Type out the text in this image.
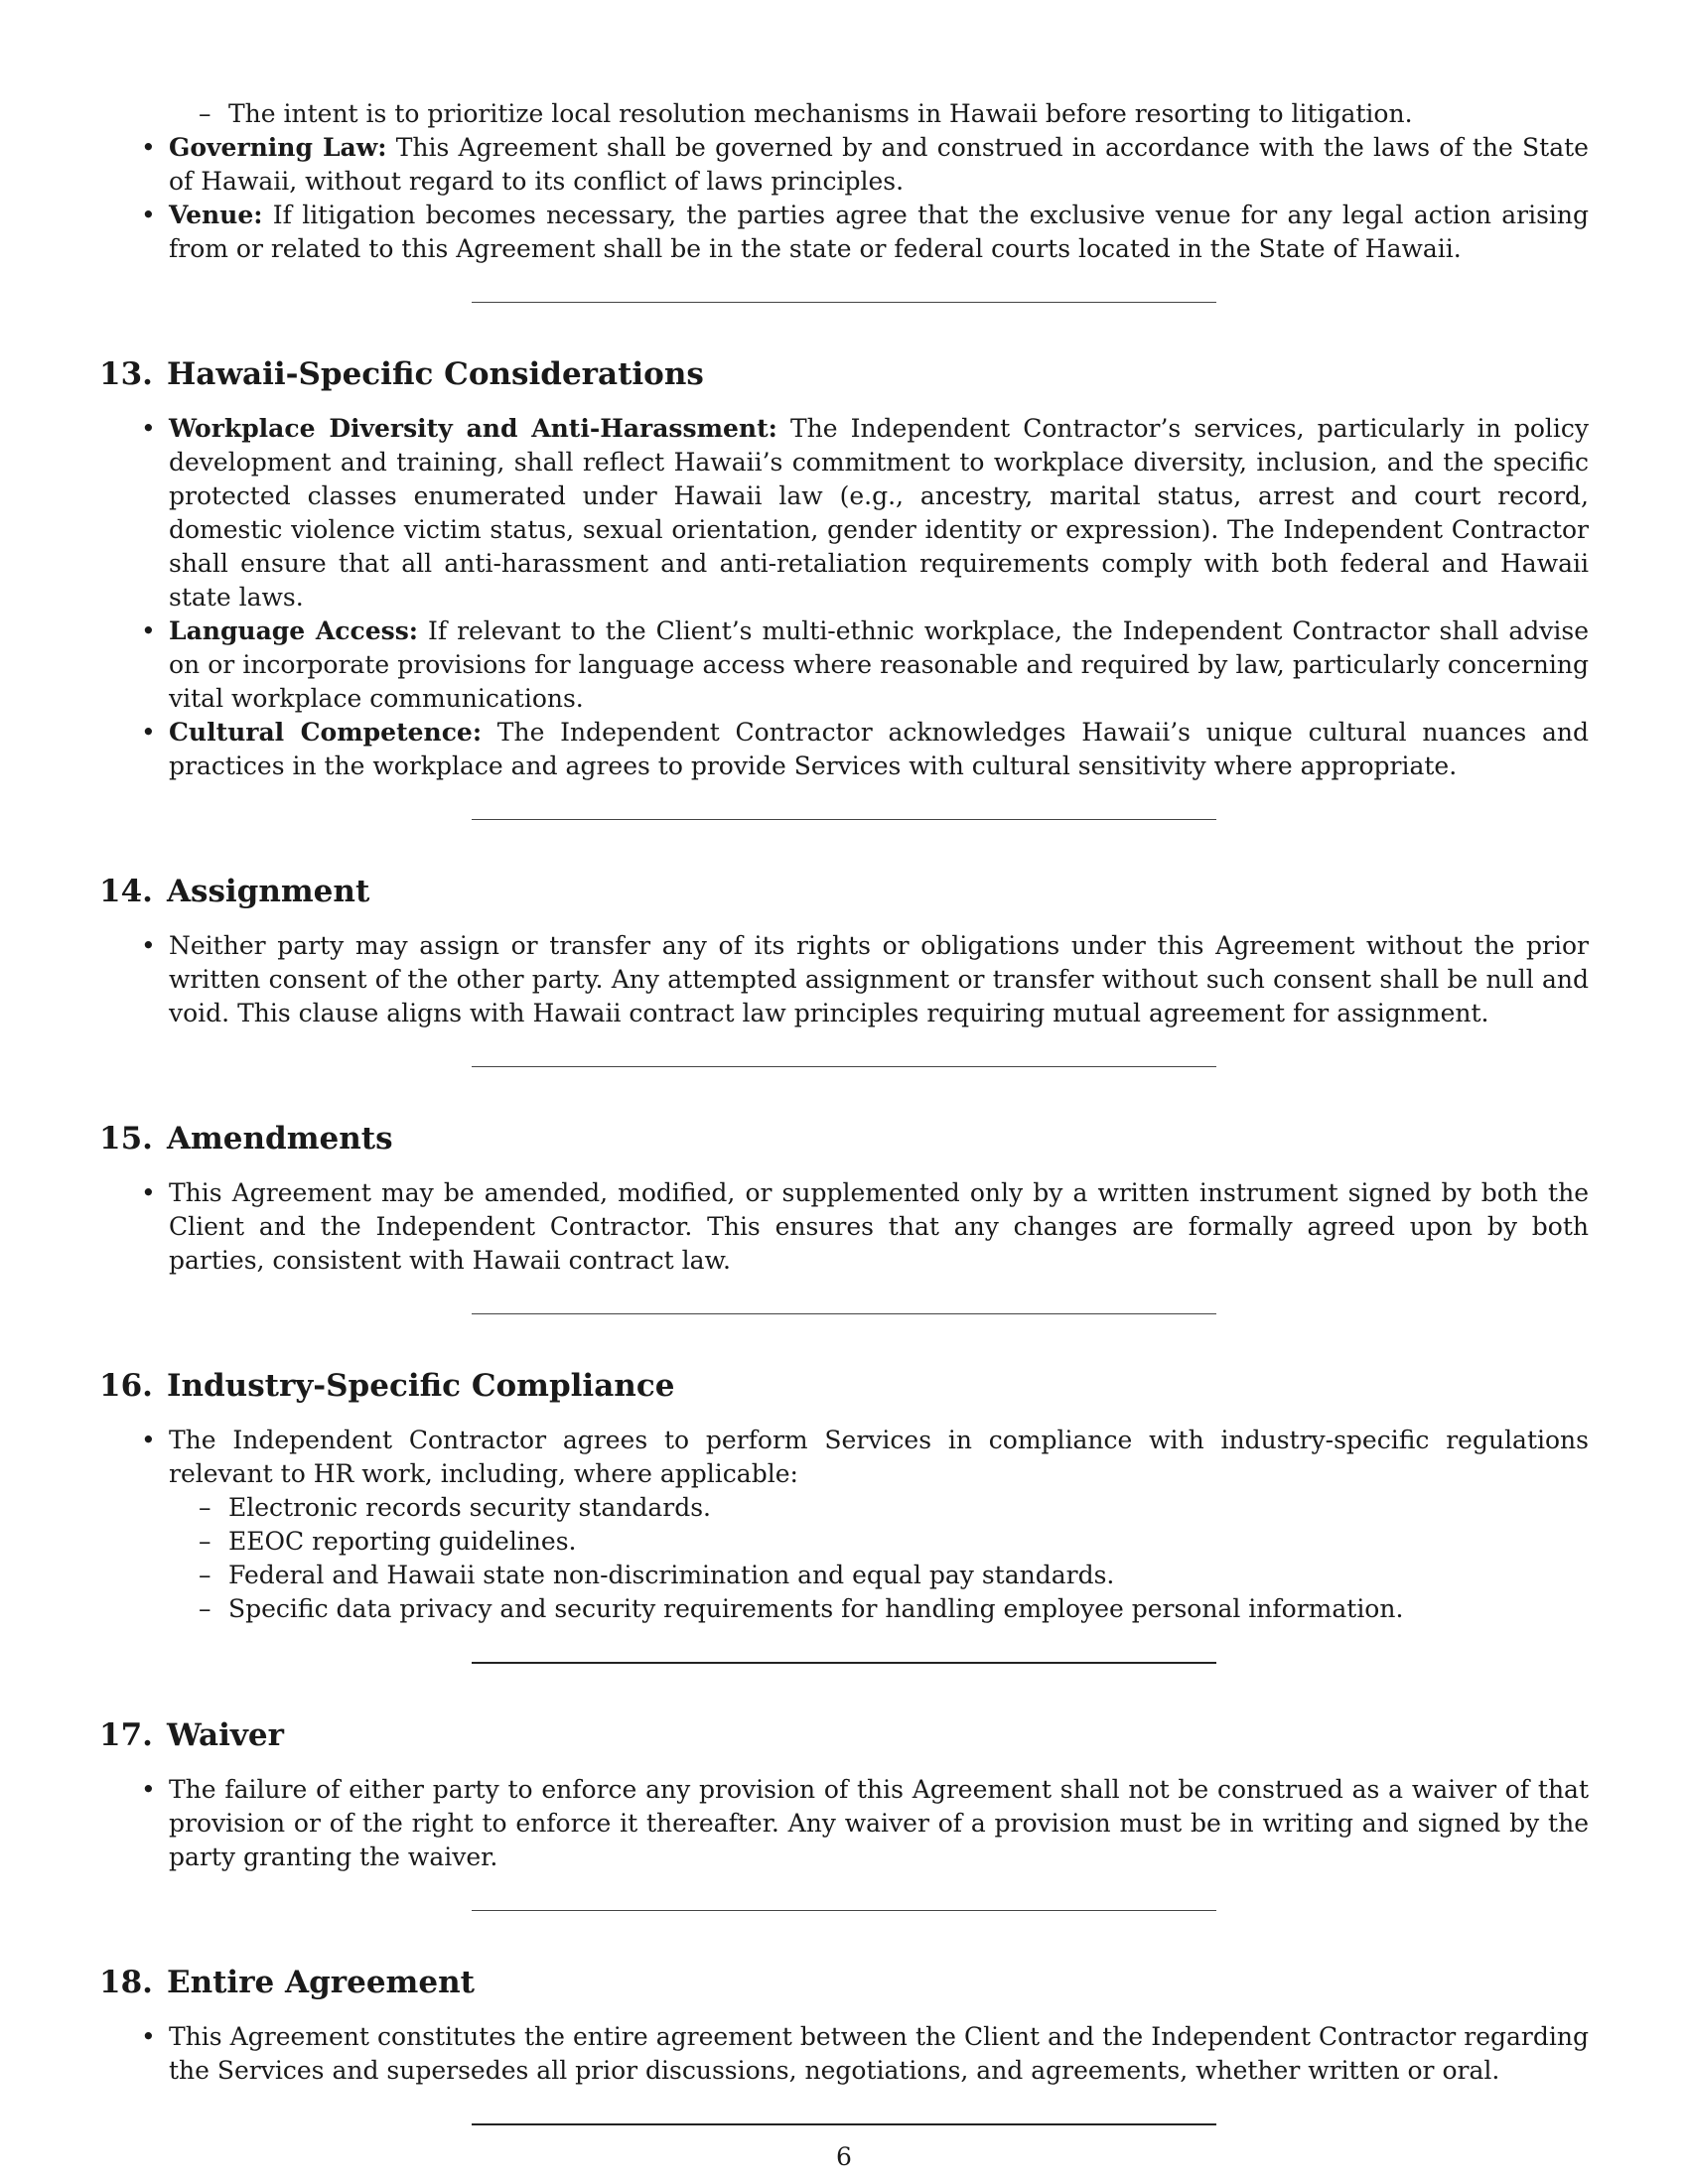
– The intent is to prioritize local resolution mechanisms in Hawaii before resorting to litigation.
• Governing Law: This Agreement shall be governed by and construed in accordance with the laws of the State of Hawaii, without regard to its conflict of laws principles.
• Venue: If litigation becomes necessary, the parties agree that the exclusive venue for any legal action arising from or related to this Agreement shall be in the state or federal courts located in the State of Hawaii.
13. Hawaii-Specific Considerations
• Workplace Diversity and Anti-Harassment: The Independent Contractor’s services, particularly in policy development and training, shall reflect Hawaii’s commitment to workplace diversity, inclusion, and the specific protected classes enumerated under Hawaii law (e.g., ancestry, marital status, arrest and court record, domestic violence victim status, sexual orientation, gender identity or expression). The Independent Contractor shall ensure that all anti-harassment and anti-retaliation requirements comply with both federal and Hawaii state laws.
• Language Access: If relevant to the Client’s multi-ethnic workplace, the Independent Contractor shall advise on or incorporate provisions for language access where reasonable and required by law, particularly concerning vital workplace communications.
• Cultural Competence: The Independent Contractor acknowledges Hawaii’s unique cultural nuances and practices in the workplace and agrees to provide Services with cultural sensitivity where appropriate.
14. Assignment
• Neither party may assign or transfer any of its rights or obligations under this Agreement without the prior written consent of the other party. Any attempted assignment or transfer without such consent shall be null and void. This clause aligns with Hawaii contract law principles requiring mutual agreement for assignment.
15. Amendments
• This Agreement may be amended, modified, or supplemented only by a written instrument signed by both the Client and the Independent Contractor. This ensures that any changes are formally agreed upon by both parties, consistent with Hawaii contract law.
16. Industry-Specific Compliance
• The Independent Contractor agrees to perform Services in compliance with industry-specific regulations relevant to HR work, including, where applicable:
– Electronic records security standards.
– EEOC reporting guidelines.
– Federal and Hawaii state non-discrimination and equal pay standards.
– Specific data privacy and security requirements for handling employee personal information.
17. Waiver
• The failure of either party to enforce any provision of this Agreement shall not be construed as a waiver of that provision or of the right to enforce it thereafter. Any waiver of a provision must be in writing and signed by the party granting the waiver.
18. Entire Agreement
• This Agreement constitutes the entire agreement between the Client and the Independent Contractor regarding the Services and supersedes all prior discussions, negotiations, and agreements, whether written or oral.
6
